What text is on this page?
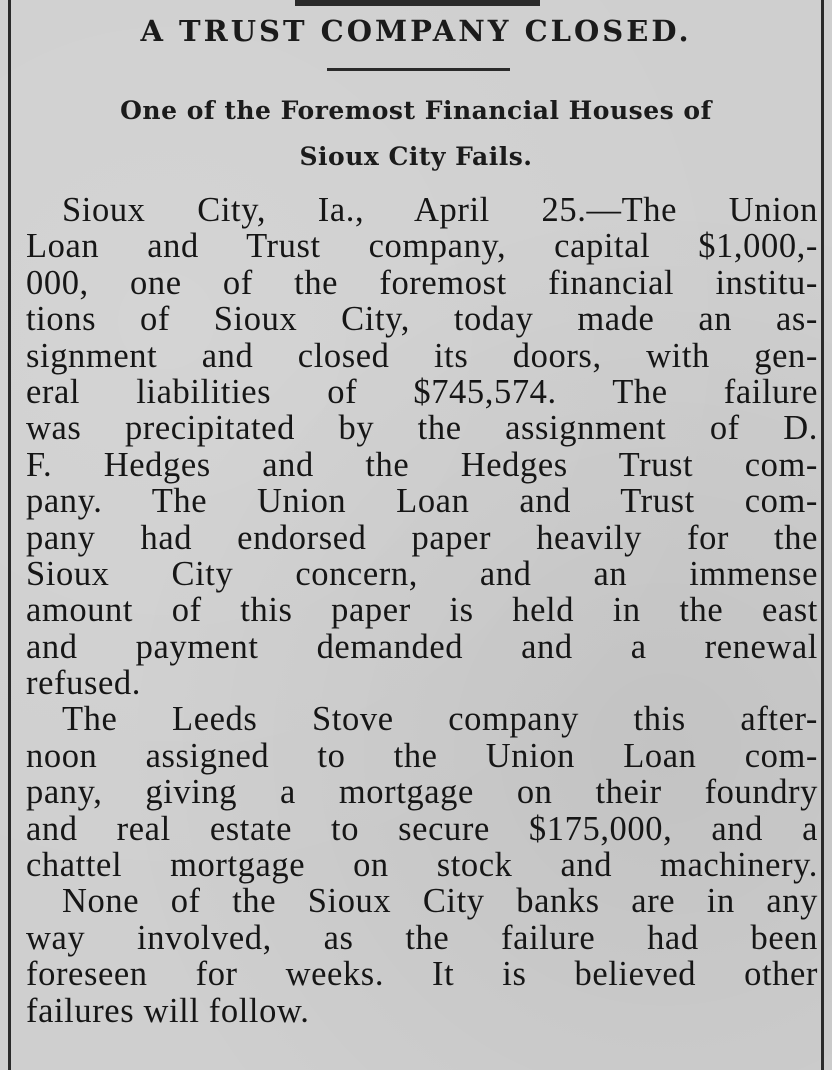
A TRUST COMPANY CLOSED.
One of the Foremost Financial Houses of
Sioux City Fails.
Sioux City, Ia., April 25.—The Union
Loan and Trust company, capital $1,000,-
000, one of the foremost financial institu-
tions of Sioux City, today made an as-
signment and closed its doors, with gen-
eral liabilities of $745,574. The failure
was precipitated by the assignment of D.
F. Hedges and the Hedges Trust com-
pany. The Union Loan and Trust com-
pany had endorsed paper heavily for the
Sioux City concern, and an immense
amount of this paper is held in the east
and payment demanded and a renewal
refused.
The Leeds Stove company this after-
noon assigned to the Union Loan com-
pany, giving a mortgage on their foundry
and real estate to secure $175,000, and a
chattel mortgage on stock and machinery.
None of the Sioux City banks are in any
way involved, as the failure had been
foreseen for weeks. It is believed other
failures will follow.
